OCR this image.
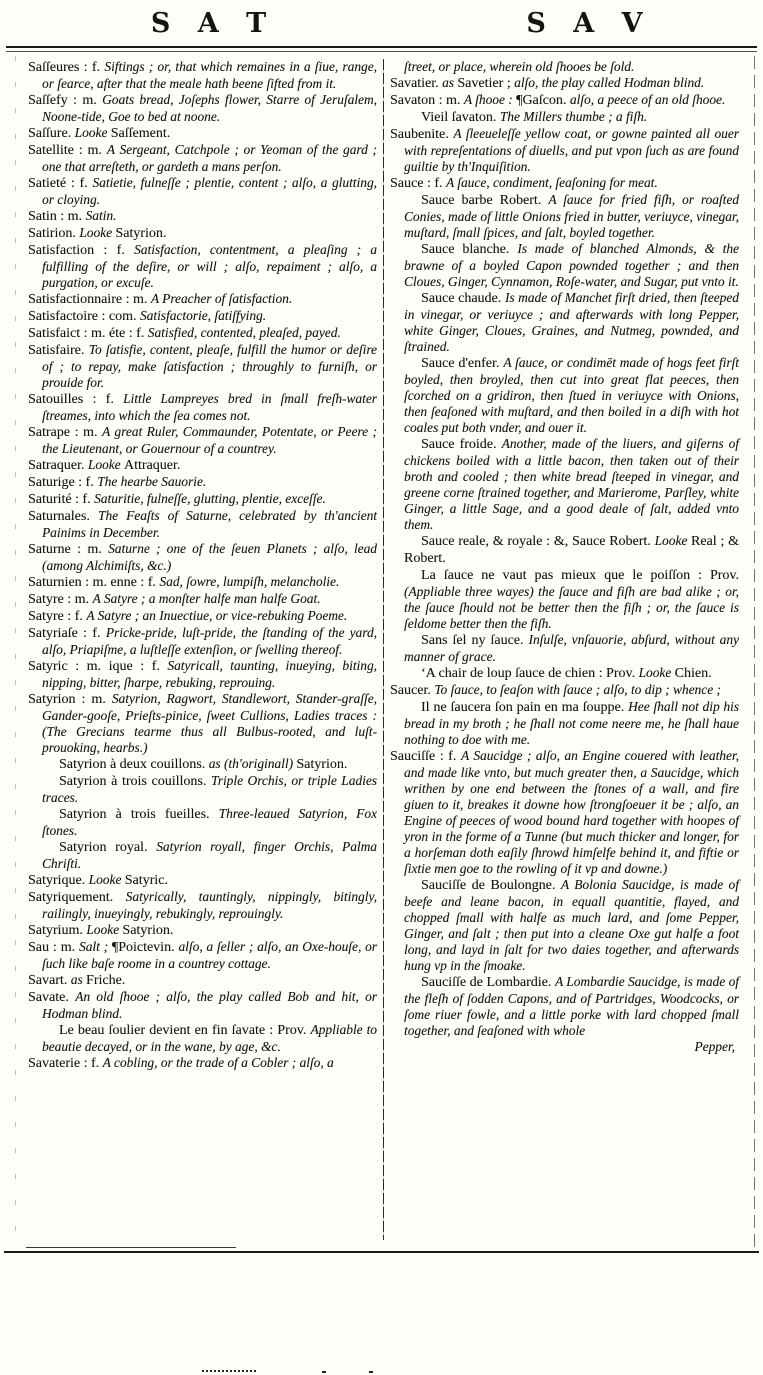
S A T	S A V

Saſſeures : f. Siftings ; or, that which remaines in a ſiue, range, or ſearce, after that the meale hath beene ſifted from it.

Saſſefy : m. Goats bread, Joſephs flower, Starre of Jeruſalem, Noone-tide, Goe to bed at noone.

Saſſure. Looke Saſſement.

Satellite : m. A Sergeant, Catchpole ; or Yeoman of the gard ; one that arreſteth, or gardeth a mans perſon.

Satieté : f. Satietie, fulneſſe ; plentie, content ; alſo, a glutting, or cloying.

Satin : m. Satin.

Satirion. Looke Satyrion.

Satisfaction : f. Satisfaction, contentment, a pleaſing ; a fulfilling of the deſire, or will ; alſo, repaiment ; alſo, a purgation, or excuſe.

Satisfactionnaire : m. A Preacher of ſatisfaction.

Satisfactoire : com. Satisfactorie, ſatiſfying.

Satisfaict : m. éte : f. Satisfied, contented, pleaſed, payed.

Satisfaire. To ſatisfie, content, pleaſe, fulfill the humor or deſire of ; to repay, make ſatisfaction ; throughly to furniſh, or prouide for.

Satouilles : f. Little Lampreyes bred in ſmall freſh-water ſtreames, into which the ſea comes not.

Satrape : m. A great Ruler, Commaunder, Potentate, or Peere ; the Lieutenant, or Gouernour of a countrey.

Satraquer. Looke Attraquer.

Saturige : f. The hearbe Sauorie.

Saturité : f. Saturitie, fulneſſe, glutting, plentie, exceſſe.

Saturnales. The Feaſts of Saturne, celebrated by th'ancient Painims in December.

Saturne : m. Saturne ; one of the ſeuen Planets ; alſo, lead (among Alchimiſts, &c.)

Saturnien : m. enne : f. Sad, ſowre, lumpiſh, melancholie.

Satyre : m. A Satyre ; a monſter halfe man halfe Goat.

Satyre : f. A Satyre ; an Inuectiue, or vice-rebuking Poeme.

Satyriaſe : f. Pricke-pride, luſt-pride, the ſtanding of the yard, alſo, Priapiſme, a luſtleſſe extenſion, or ſwelling thereof.

Satyric : m. ique : f. Satyricall, taunting, inueying, biting, nipping, bitter, ſharpe, rebuking, reprouing.

Satyrion : m. Satyrion, Ragwort, Standlewort, Stander-graſſe, Gander-gooſe, Prieſts-pinice, ſweet Cullions, Ladies traces : (The Grecians tearme thus all Bulbus-rooted, and luſt-prouoking, hearbs.)

Satyrion à deux couillons. as (th'originall) Satyrion.

Satyrion à trois couillons. Triple Orchis, or triple Ladies traces.

Satyrion à trois fueilles. Three-leaued Satyrion, Fox ſtones.

Satyrion royal. Satyrion royall, finger Orchis, Palma Chriſti.

Satyrique. Looke Satyric.

Satyriquement. Satyrically, tauntingly, nippingly, bitingly, railingly, inueyingly, rebukingly, reprouingly.

Satyrium. Looke Satyrion.

Sau : m. Salt ; ¶Poictevin. alſo, a ſeller ; alſo, an Oxe-houſe, or ſuch like baſe roome in a countrey cottage.

Savart. as Friche.

Savate. An old ſhooe ; alſo, the play called Bob and hit, or Hodman blind.

Le beau ſoulier devient en fin ſavate : Prov. Appliable to beautie decayed, or in the wane, by age, &c.

Savaterie : f. A cobling, or the trade of a Cobler ; alſo, a

ſtreet, or place, wherein old ſhooes be ſold.

Savatier. as Savetier ; alſo, the play called Hodman blind.

Savaton : m. A ſhooe : ¶Gaſcon. alſo, a peece of an old ſhooe.

Vieil ſavaton. The Millers thumbe ; a fiſh.

Saubenite. A ſleeueleſſe yellow coat, or gowne painted all ouer with repreſentations of diuells, and put vpon ſuch as are found guiltie by th'Inquiſition.

Sauce : f. A ſauce, condiment, ſeaſoning for meat.

Sauce barbe Robert. A ſauce for fried fiſh, or roaſted Conies, made of little Onions fried in butter, veriuyce, vinegar, muſtard, ſmall ſpices, and ſalt, boyled together.

Sauce blanche. Is made of blanched Almonds, & the brawne of a boyled Capon pownded together ; and then Cloues, Ginger, Cynnamon, Roſe-water, and Sugar, put vnto it.

Sauce chaude. Is made of Manchet firſt dried, then ſteeped in vinegar, or veriuyce ; and afterwards with long Pepper, white Ginger, Cloues, Graines, and Nutmeg, pownded, and ſtrained.

Sauce d'enfer. A ſauce, or condimēt made of hogs feet firſt boyled, then broyled, then cut into great flat peeces, then ſcorched on a gridiron, then ſtued in veriuyce with Onions, then ſeaſoned with muſtard, and then boiled in a diſh with hot coales put both vnder, and ouer it.

Sauce froide. Another, made of the liuers, and giſerns of chickens boiled with a little bacon, then taken out of their broth and cooled ; then white bread ſteeped in vinegar, and greene corne ſtrained together, and Marierome, Parſley, white Ginger, a little Sage, and a good deale of ſalt, added vnto them.

Sauce reale, & royale : &, Sauce Robert. Looke Real ; & Robert.

La ſauce ne vaut pas mieux que le poiſſon : Prov. (Appliable three wayes) the ſauce and fiſh are bad alike ; or, the ſauce ſhould not be better then the fiſh ; or, the ſauce is ſeldome better then the fiſh.

Sans ſel ny ſauce. Inſulſe, vnſauorie, abſurd, without any manner of grace.

‘A chair de loup ſauce de chien : Prov. Looke Chien.

Saucer. To ſauce, to ſeaſon with ſauce ; alſo, to dip ; whence ;

Il ne ſaucera ſon pain en ma ſouppe. Hee ſhall not dip his bread in my broth ; he ſhall not come neere me, he ſhall haue nothing to doe with me.

Sauciſſe : f. A Saucidge ; alſo, an Engine couered with leather, and made like vnto, but much greater then, a Saucidge, which writhen by one end between the ſtones of a wall, and fire giuen to it, breakes it downe how ſtrongſoeuer it be ; alſo, an Engine of peeces of wood bound hard together with hoopes of yron in the forme of a Tunne (but much thicker and longer, for a horſeman doth eaſily ſhrowd himſelfe behind it, and fiftie or ſixtie men goe to the rowling of it vp and downe.)

Sauciſſe de Boulongne. A Bolonia Saucidge, is made of beefe and leane bacon, in equall quantitie, flayed, and chopped ſmall with halfe as much lard, and ſome Pepper, Ginger, and ſalt ; then put into a cleane Oxe gut halfe a foot long, and layd in ſalt for two daies together, and afterwards hung vp in the ſmoake.

Sauciſſe de Lombardie. A Lombardie Saucidge, is made of the fleſh of ſodden Capons, and of Partridges, Woodcocks, or ſome riuer fowle, and a little porke with lard chopped ſmall together, and ſeaſoned with whole

Pepper,
